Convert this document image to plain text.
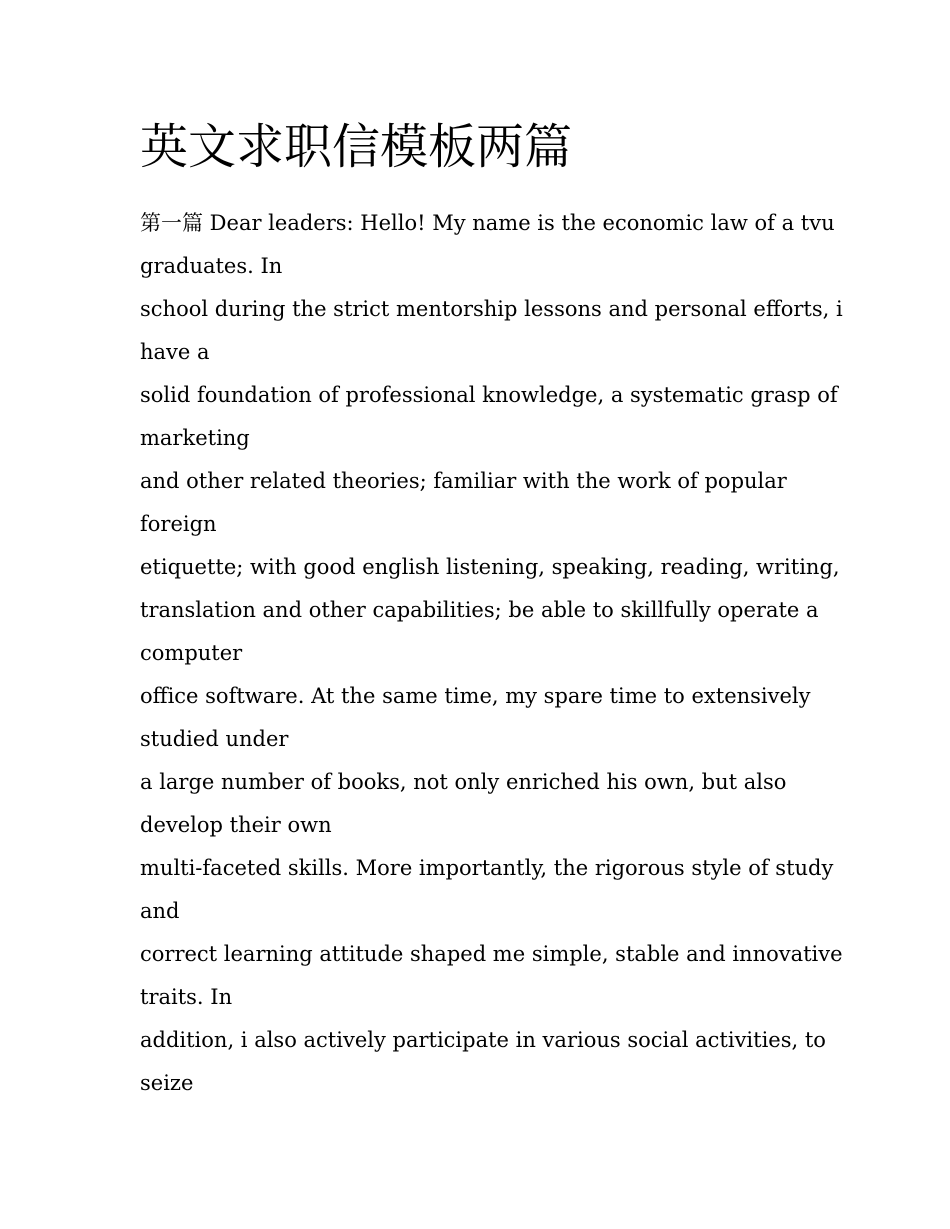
英文求职信模板两篇
第一篇 Dear leaders: Hello! My name is the economic law of a tvu
graduates. In
school during the strict mentorship lessons and personal efforts, i
have a
solid foundation of professional knowledge, a systematic grasp of
marketing
and other related theories; familiar with the work of popular
foreign
etiquette; with good english listening, speaking, reading, writing,
translation and other capabilities; be able to skillfully operate a
computer
office software. At the same time, my spare time to extensively
studied under
a large number of books, not only enriched his own, but also
develop their own
multi-faceted skills. More importantly, the rigorous style of study
and
correct learning attitude shaped me simple, stable and innovative
traits. In
addition, i also actively participate in various social activities, to
seize
